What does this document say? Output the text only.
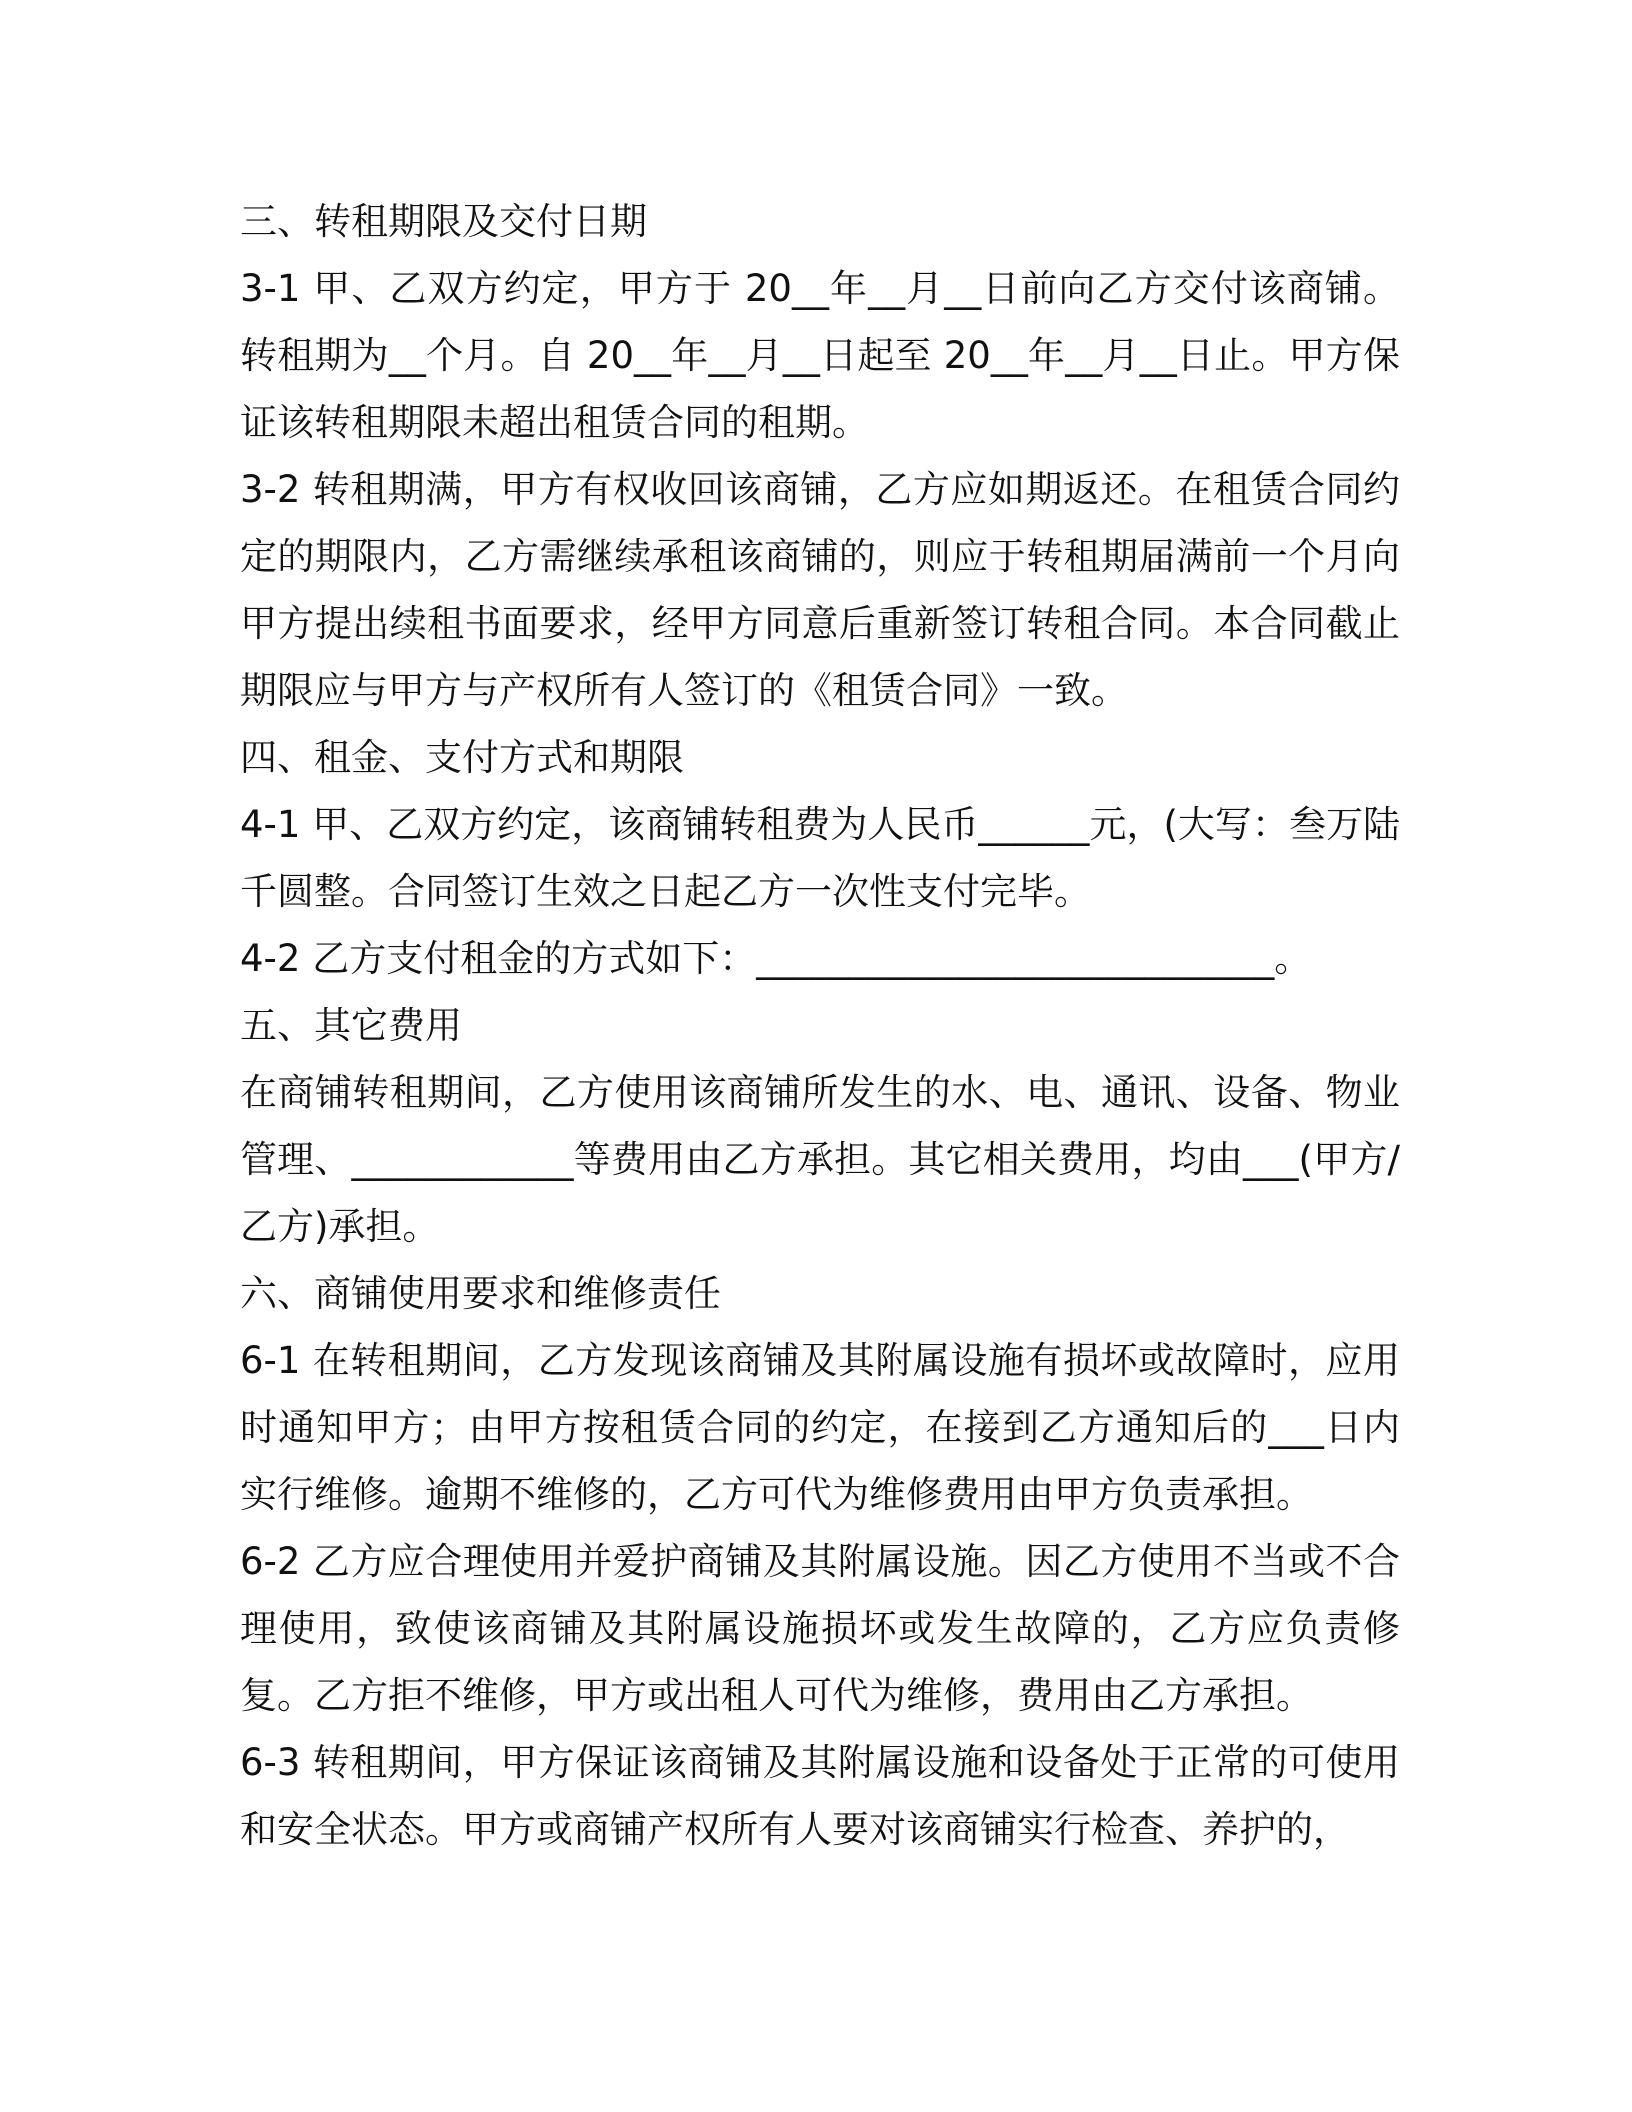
三、转租期限及交付日期

3-1 甲、乙双方约定，甲方于 20__年__月__日前向乙方交付该商铺。转租期为__个月。自 20__年__月__日起至 20__年__月__日止。甲方保证该转租期限未超出租赁合同的租期。

3-2 转租期满，甲方有权收回该商铺，乙方应如期返还。在租赁合同约定的期限内，乙方需继续承租该商铺的，则应于转租期届满前一个月向甲方提出续租书面要求，经甲方同意后重新签订转租合同。本合同截止期限应与甲方与产权所有人签订的《租赁合同》一致。

四、租金、支付方式和期限

4-1 甲、乙双方约定，该商铺转租费为人民币______元，(大写：叁万陆千圆整。合同签订生效之日起乙方一次性支付完毕。

4-2 乙方支付租金的方式如下：____________________________。

五、其它费用

在商铺转租期间，乙方使用该商铺所发生的水、电、通讯、设备、物业管理、____________等费用由乙方承担。其它相关费用，均由___(甲方/乙方)承担。

六、商铺使用要求和维修责任

6-1 在转租期间，乙方发现该商铺及其附属设施有损坏或故障时，应用时通知甲方；由甲方按租赁合同的约定，在接到乙方通知后的___日内实行维修。逾期不维修的，乙方可代为维修费用由甲方负责承担。

6-2 乙方应合理使用并爱护商铺及其附属设施。因乙方使用不当或不合理使用，致使该商铺及其附属设施损坏或发生故障的，乙方应负责修复。乙方拒不维修，甲方或出租人可代为维修，费用由乙方承担。

6-3 转租期间，甲方保证该商铺及其附属设施和设备处于正常的可使用和安全状态。甲方或商铺产权所有人要对该商铺实行检查、养护的，
